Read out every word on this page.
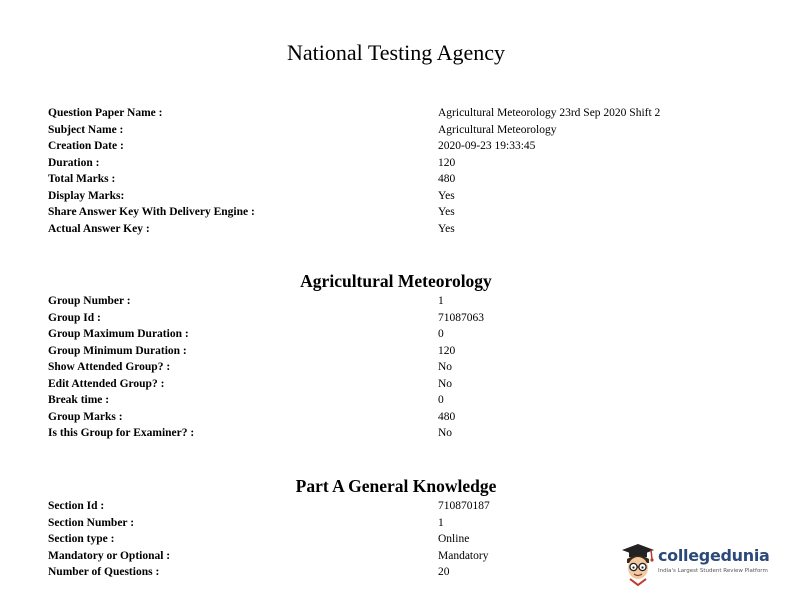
National Testing Agency
Question Paper Name :	Agricultural Meteorology 23rd Sep 2020 Shift 2
Subject Name :	Agricultural Meteorology
Creation Date :	2020-09-23 19:33:45
Duration :	120
Total Marks :	480
Display Marks:	Yes
Share Answer Key With Delivery Engine :	Yes
Actual Answer Key :	Yes
Agricultural Meteorology
Group Number :	1
Group Id :	71087063
Group Maximum Duration :	0
Group Minimum Duration :	120
Show Attended Group? :	No
Edit Attended Group? :	No
Break time :	0
Group Marks :	480
Is this Group for Examiner? :	No
Part A General Knowledge
Section Id :	710870187
Section Number :	1
Section type :	Online
Mandatory or Optional :	Mandatory
Number of Questions :	20
collegedunia
India's Largest Student Review Platform
